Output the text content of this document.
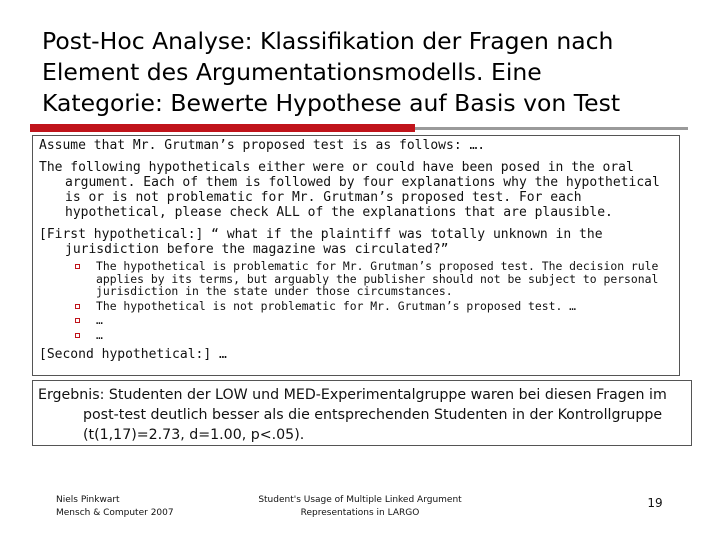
Post-Hoc Analyse: Klassifikation der Fragen nach
Element des Argumentationsmodells. Eine
Kategorie: Bewerte Hypothese auf Basis von Test

Assume that Mr. Grutman’s proposed test is as follows: ….

The following hypotheticals either were or could have been posed in the oral argument. Each of them is followed by four explanations why the hypothetical is or is not problematic for Mr. Grutman’s proposed test. For each hypothetical, please check ALL of the explanations that are plausible.

[First hypothetical:] “ what if the plaintiff was totally unknown in the jurisdiction before the magazine was circulated?”

The hypothetical is problematic for Mr. Grutman’s proposed test. The decision rule applies by its terms, but arguably the publisher should not be subject to personal jurisdiction in the state under those circumstances.
The hypothetical is not problematic for Mr. Grutman’s proposed test. …
…
…

[Second hypothetical:] …

Ergebnis: Studenten der LOW und MED-Experimentalgruppe waren bei diesen Fragen im post-test deutlich besser als die entsprechenden Studenten in der Kontrollgruppe (t(1,17)=2.73, d=1.00, p<.05).
Niels Pinkwart
Mensch & Computer 2007
Student's Usage of Multiple Linked Argument
Representations in LARGO
19
